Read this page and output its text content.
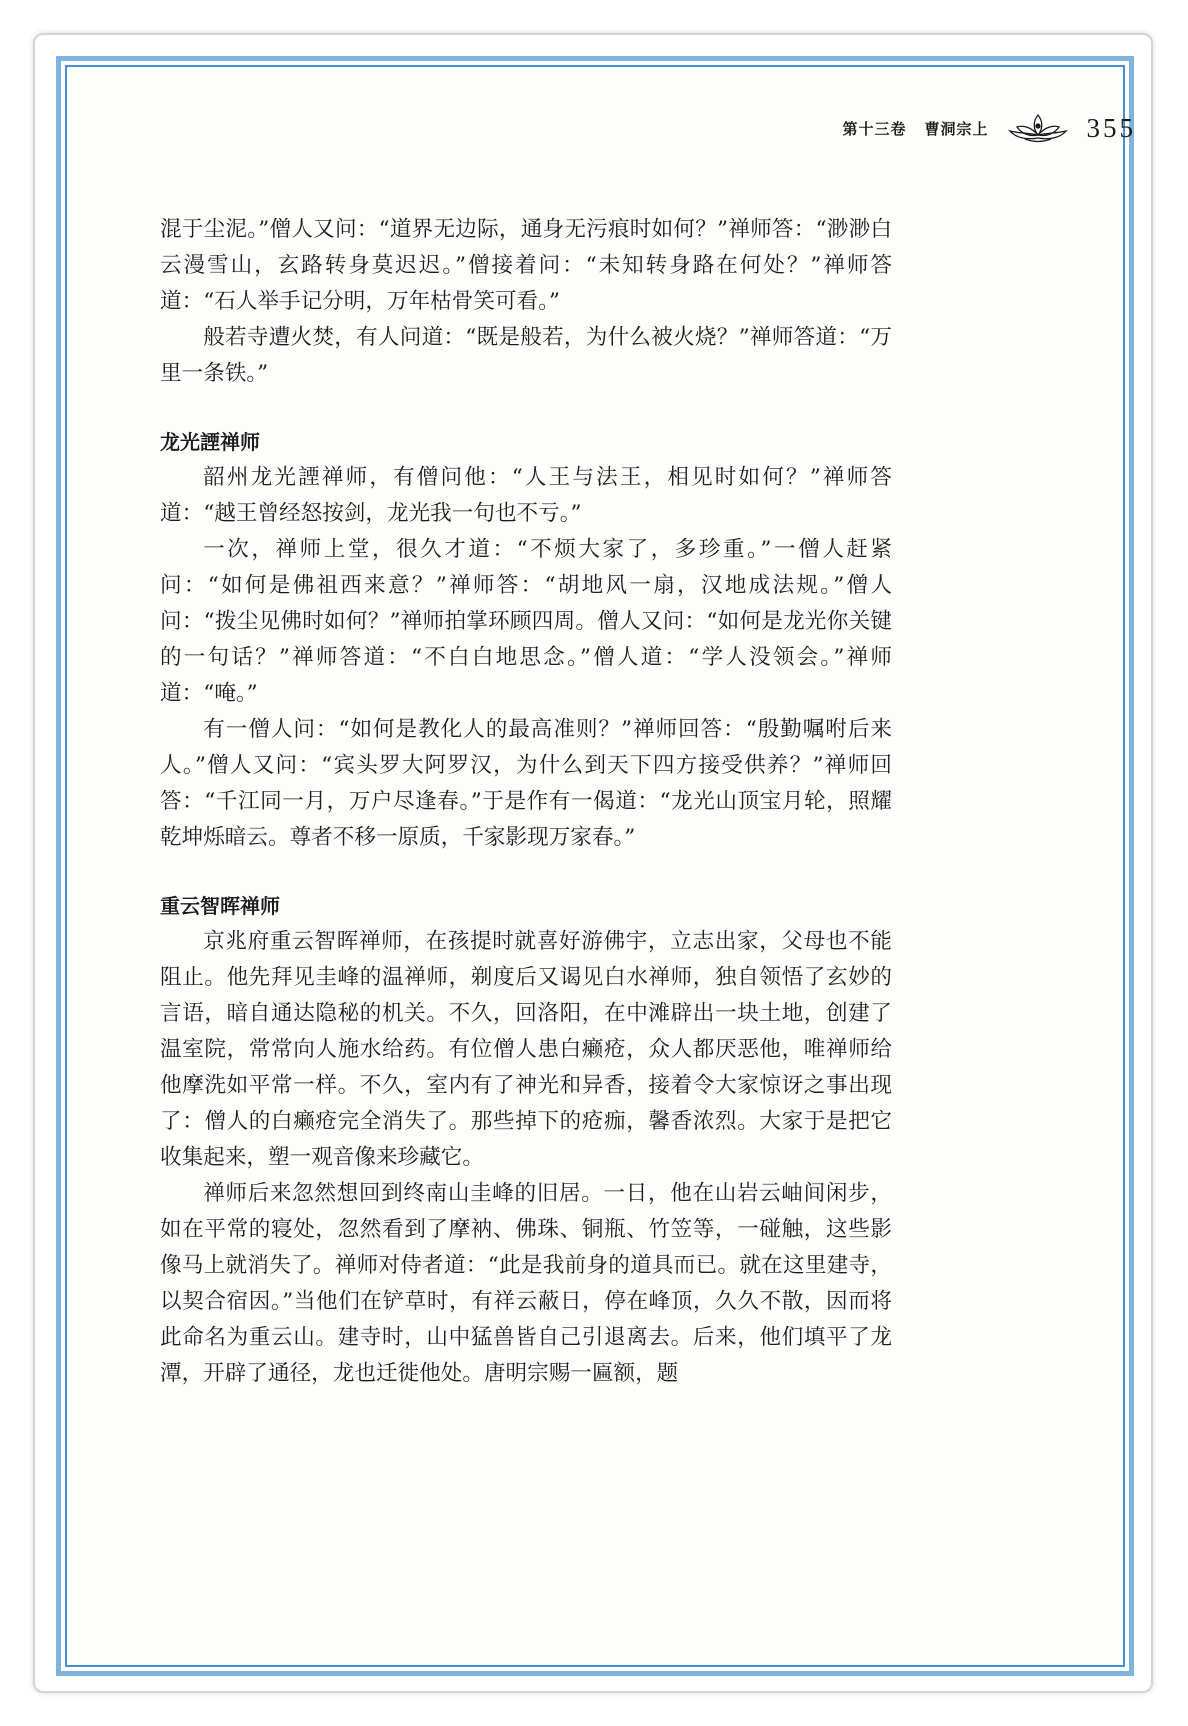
第十三卷 曹洞宗上	355

混于尘泥。”僧人又问：“道界无边际，通身无污痕时如何？”禅师答：“渺渺白云漫雪山，玄路转身莫迟迟。”僧接着问：“未知转身路在何处？”禅师答道：“石人举手记分明，万年枯骨笑可看。”

般若寺遭火焚，有人问道：“既是般若，为什么被火烧？”禅师答道：“万里一条铁。”

龙光諲禅师

韶州龙光諲禅师，有僧问他：“人王与法王，相见时如何？”禅师答道：“越王曾经怒按剑，龙光我一句也不亏。”

一次，禅师上堂，很久才道：“不烦大家了，多珍重。”一僧人赶紧问：“如何是佛祖西来意？”禅师答：“胡地风一扇，汉地成法规。”僧人问：“拨尘见佛时如何？”禅师拍掌环顾四周。僧人又问：“如何是龙光你关键的一句话？”禅师答道：“不白白地思念。”僧人道：“学人没领会。”禅师道：“唵。”

有一僧人问：“如何是教化人的最高准则？”禅师回答：“殷勤嘱咐后来人。”僧人又问：“宾头罗大阿罗汉，为什么到天下四方接受供养？”禅师回答：“千江同一月，万户尽逢春。”于是作有一偈道：“龙光山顶宝月轮，照耀乾坤烁暗云。尊者不移一原质，千家影现万家春。”

重云智晖禅师

京兆府重云智晖禅师，在孩提时就喜好游佛宇，立志出家，父母也不能阻止。他先拜见圭峰的温禅师，剃度后又谒见白水禅师，独自领悟了玄妙的言语，暗自通达隐秘的机关。不久，回洛阳，在中滩辟出一块土地，创建了温室院，常常向人施水给药。有位僧人患白癞疮，众人都厌恶他，唯禅师给他摩洗如平常一样。不久，室内有了神光和异香，接着令大家惊讶之事出现了：僧人的白癞疮完全消失了。那些掉下的疮痂，馨香浓烈。大家于是把它收集起来，塑一观音像来珍藏它。

禅师后来忽然想回到终南山圭峰的旧居。一日，他在山岩云岫间闲步，如在平常的寝处，忽然看到了摩衲、佛珠、铜瓶、竹笠等，一碰触，这些影像马上就消失了。禅师对侍者道：“此是我前身的道具而已。就在这里建寺，以契合宿因。”当他们在铲草时，有祥云蔽日，停在峰顶，久久不散，因而将此命名为重云山。建寺时，山中猛兽皆自己引退离去。后来，他们填平了龙潭，开辟了通径，龙也迁徙他处。唐明宗赐一匾额，题
